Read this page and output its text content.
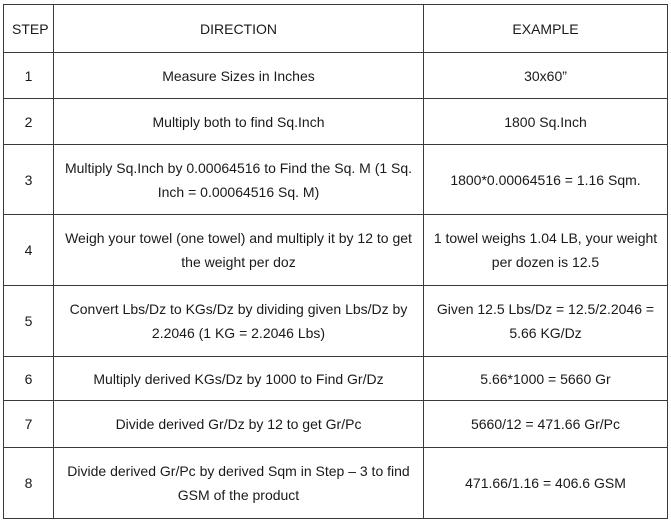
STEP	DIRECTION	EXAMPLE
1	Measure Sizes in Inches	30x60”
2	Multiply both to find Sq.Inch	1800 Sq.Inch
3	Multiply Sq.Inch by 0.00064516 to Find the Sq. M (1 Sq. Inch = 0.00064516 Sq. M)	1800*0.00064516 = 1.16 Sqm.
4	Weigh your towel (one towel) and multiply it by 12 to get the weight per doz	1 towel weighs 1.04 LB, your weight per dozen is 12.5
5	Convert Lbs/Dz to KGs/Dz by dividing given Lbs/Dz by 2.2046 (1 KG = 2.2046 Lbs)	Given 12.5 Lbs/Dz = 12.5/2.2046 = 5.66 KG/Dz
6	Multiply derived KGs/Dz by 1000 to Find Gr/Dz	5.66*1000 = 5660 Gr
7	Divide derived Gr/Dz by 12 to get Gr/Pc	5660/12 = 471.66 Gr/Pc
8	Divide derived Gr/Pc by derived Sqm in Step – 3 to find GSM of the product	471.66/1.16 = 406.6 GSM
